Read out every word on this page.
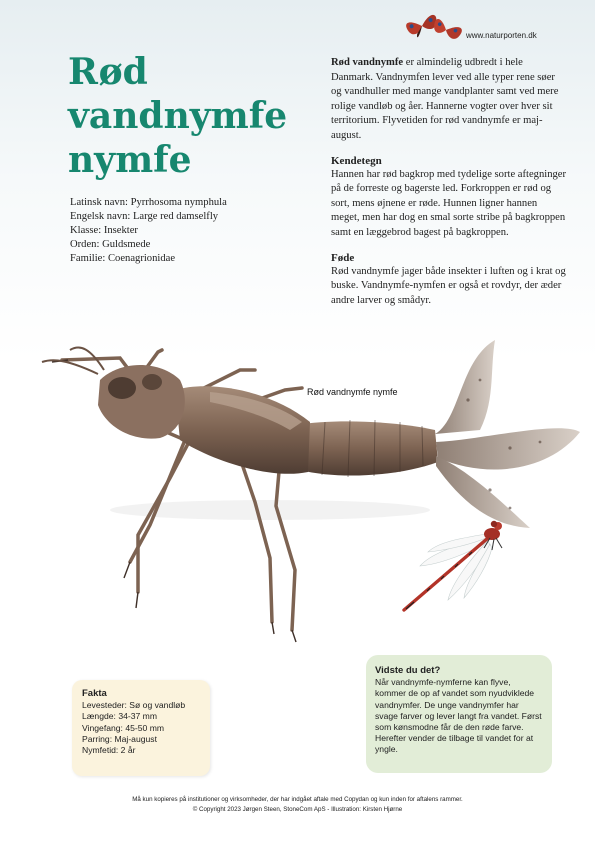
www.naturporten.dk
Rød
vandnymfe
nymfe
Latinsk navn: Pyrrhosoma nymphula
Engelsk navn: Large red damselfly
Klasse: Insekter
Orden: Guldsmede
Familie: Coenagrionidae

Rød vandnymfe er almindelig udbredt i hele Danmark. Vandnymfen lever ved alle typer rene søer og vandhuller med mange vandplanter samt ved mere rolige vandløb og åer. Hannerne vogter over hver sit territorium. Flyvetiden for rød vandnymfe er maj-august.

Kendetegn

Hannen har rød bagkrop med tydelige sorte aftegninger på de forreste og bagerste led. Forkroppen er rød og sort, mens øjnene er røde. Hunnen ligner hannen meget, men har dog en smal sorte stribe på bagkroppen samt en læggebrod bagest på bagkroppen.

Føde

Rød vandnymfe jager både insekter i luften og i krat og buske. Vandnymfe-nymfen er også et rovdyr, der æder andre larver og smådyr.

Rød vandnymfe nymfe
Fakta
Levesteder: Sø og vandløb
Længde: 34-37 mm
Vingefang: 45-50 mm
Parring: Maj-august
Nymfetid: 2 år
Vidste du det?

Når vandnymfe-nymferne kan flyve, kommer de op af vandet som nyudviklede vandnymfer. De unge vandnymfer har svage farver og lever langt fra vandet. Først som kønsmodne får de den røde farve. Herefter vender de tilbage til vandet for at yngle.

Må kun kopieres på institutioner og virksomheder, der har indgået aftale med Copydan og kun inden for aftalens rammer.

© Copyright 2023 Jørgen Steen, StoneCom ApS - Illustration: Kirsten Hjørne
